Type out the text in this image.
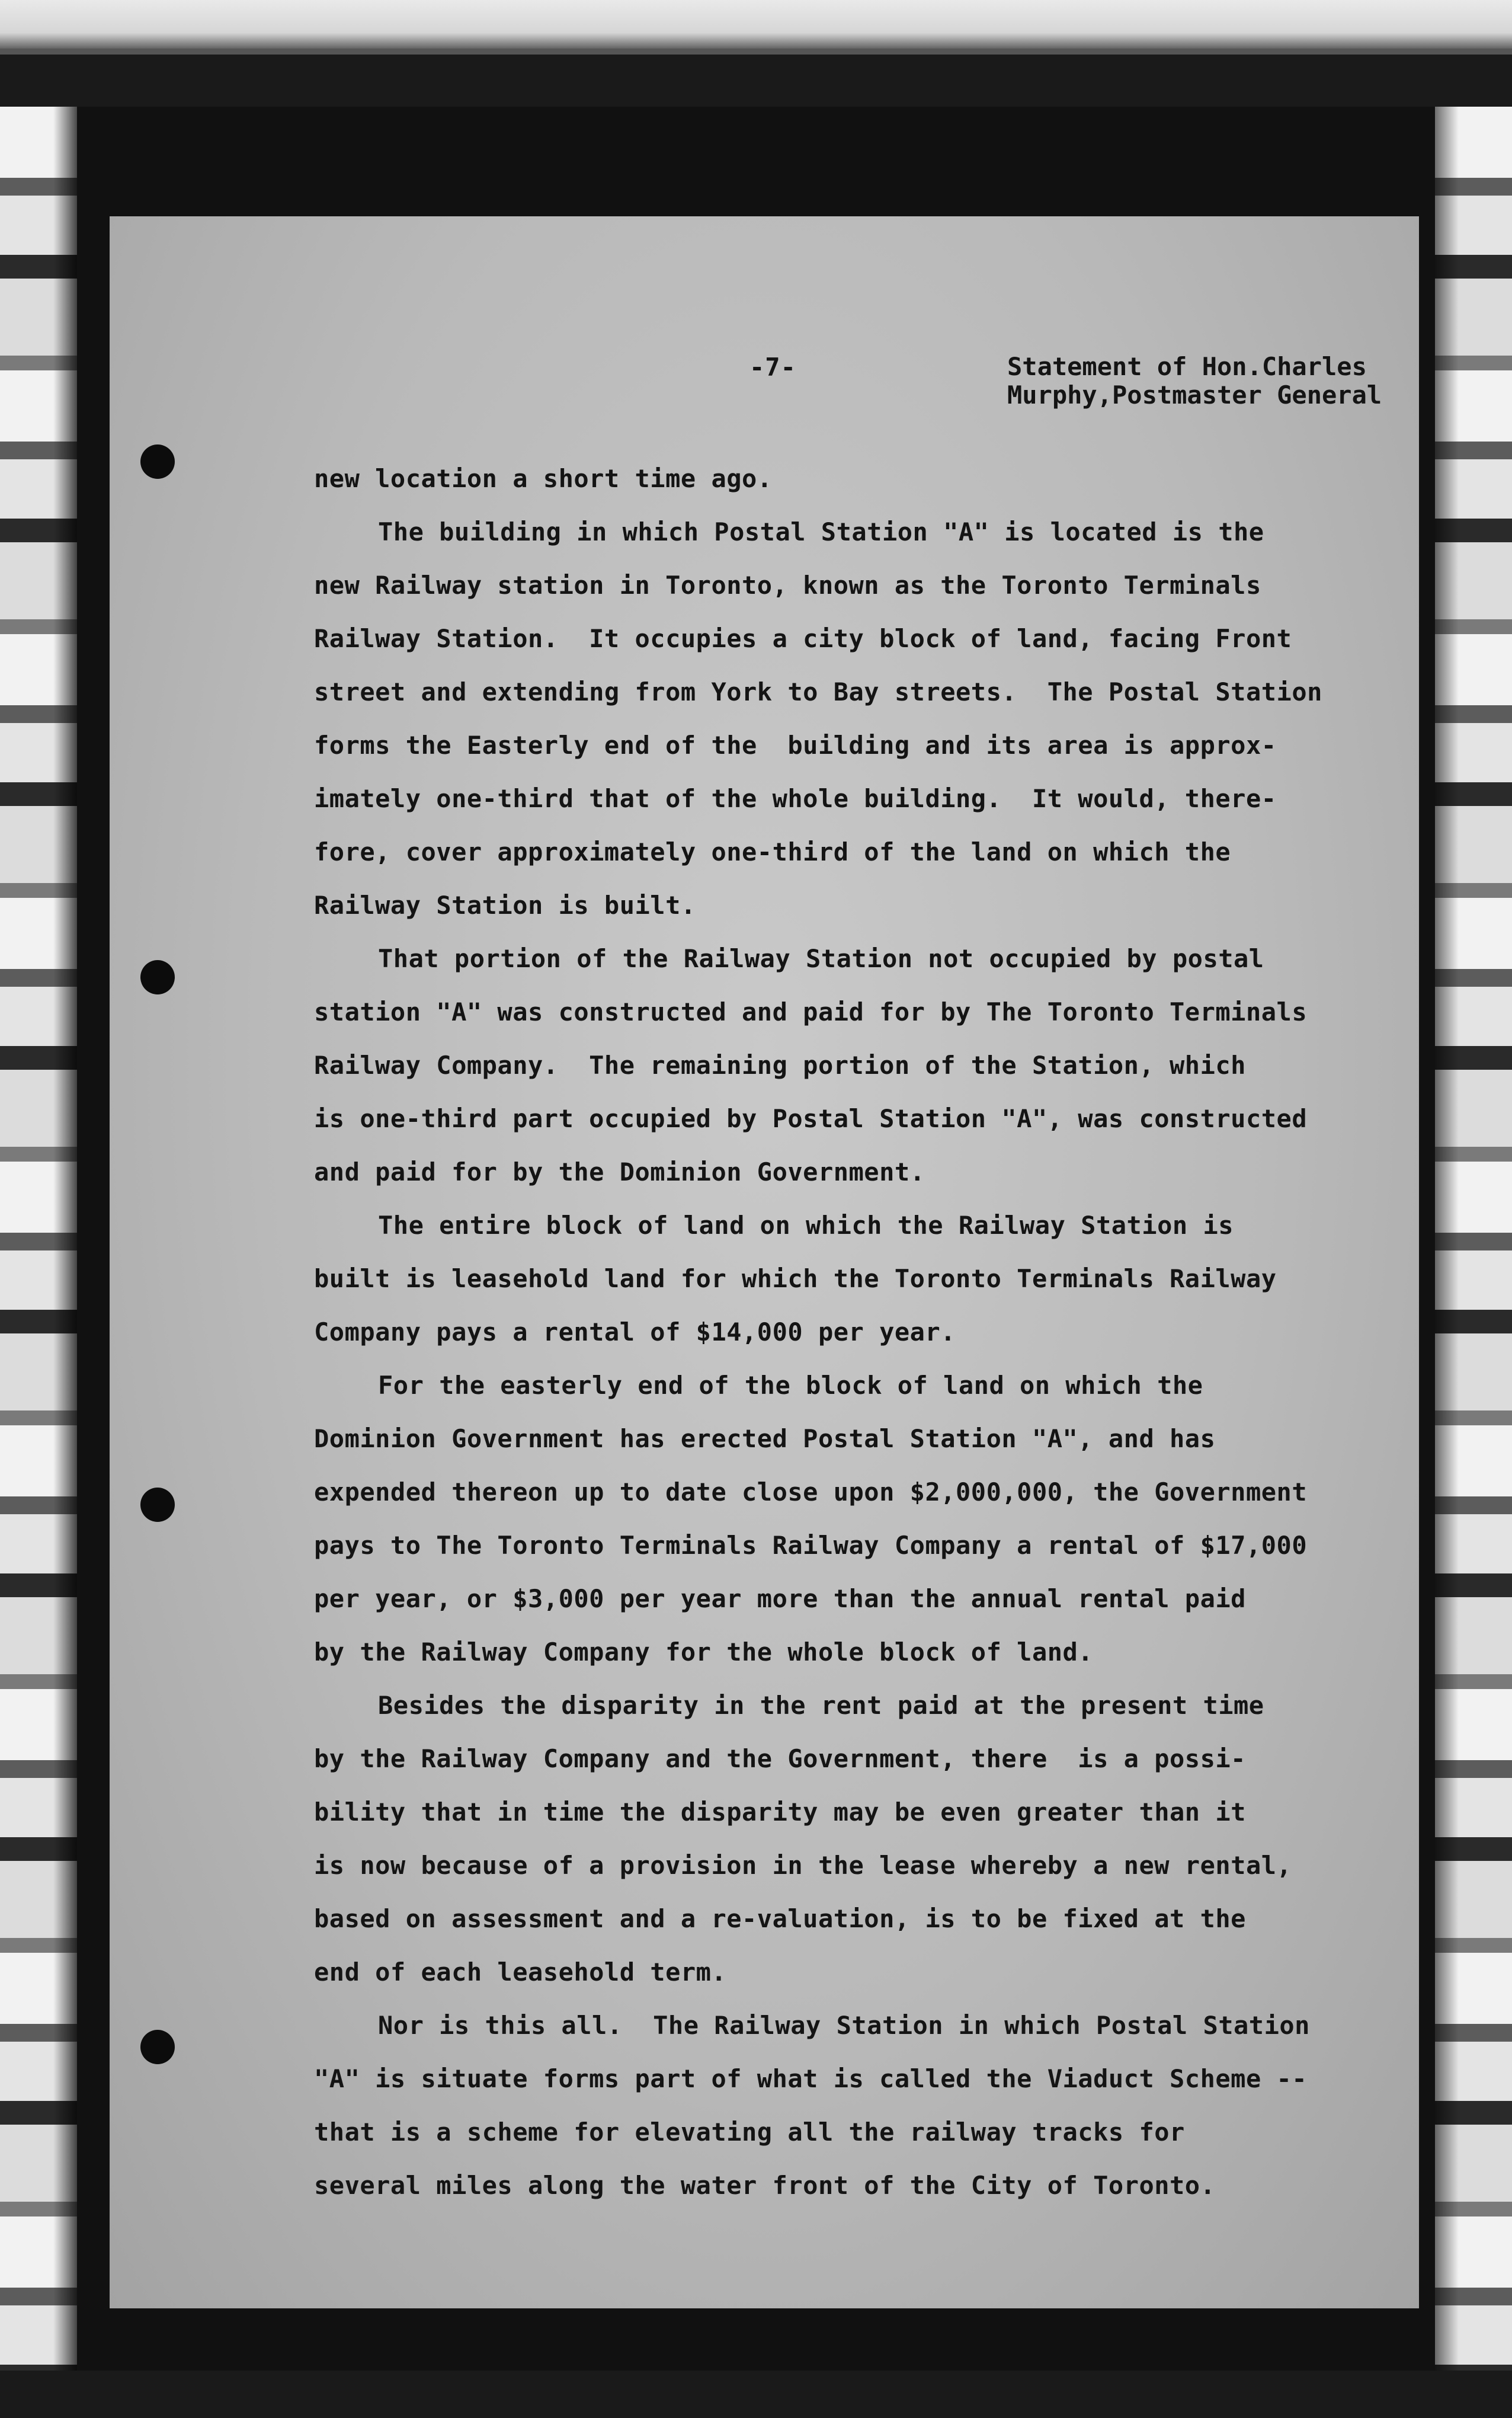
-7-	Statement of Hon.Charles
Murphy,Postmaster General
new location a short time ago.
The building in which Postal Station "A" is located is the
new Railway station in Toronto, known as the Toronto Terminals
Railway Station.  It occupies a city block of land, facing Front
street and extending from York to Bay streets.  The Postal Station
forms the Easterly end of the  building and its area is approx-
imately one-third that of the whole building.  It would, there-
fore, cover approximately one-third of the land on which the
Railway Station is built.
That portion of the Railway Station not occupied by postal
station "A" was constructed and paid for by The Toronto Terminals
Railway Company.  The remaining portion of the Station, which
is one-third part occupied by Postal Station "A", was constructed
and paid for by the Dominion Government.
The entire block of land on which the Railway Station is
built is leasehold land for which the Toronto Terminals Railway
Company pays a rental of $14,000 per year.
For the easterly end of the block of land on which the
Dominion Government has erected Postal Station "A", and has
expended thereon up to date close upon $2,000,000, the Government
pays to The Toronto Terminals Railway Company a rental of $17,000
per year, or $3,000 per year more than the annual rental paid
by the Railway Company for the whole block of land.
Besides the disparity in the rent paid at the present time
by the Railway Company and the Government, there  is a possi-
bility that in time the disparity may be even greater than it
is now because of a provision in the lease whereby a new rental,
based on assessment and a re-valuation, is to be fixed at the
end of each leasehold term.
Nor is this all.  The Railway Station in which Postal Station
"A" is situate forms part of what is called the Viaduct Scheme --
that is a scheme for elevating all the railway tracks for
several miles along the water front of the City of Toronto.
